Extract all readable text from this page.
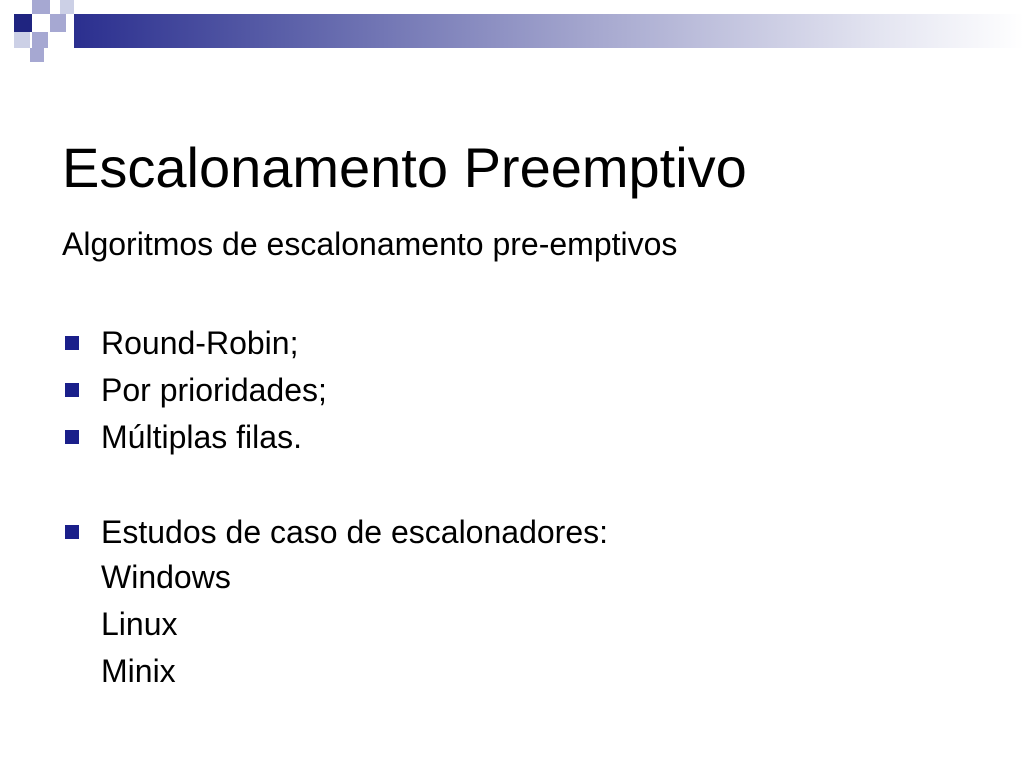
Escalonamento Preemptivo
Algoritmos de escalonamento pre-emptivos
Round-Robin;
Por prioridades;
Múltiplas filas.
Estudos de caso de escalonadores:
Windows
Linux
Minix
